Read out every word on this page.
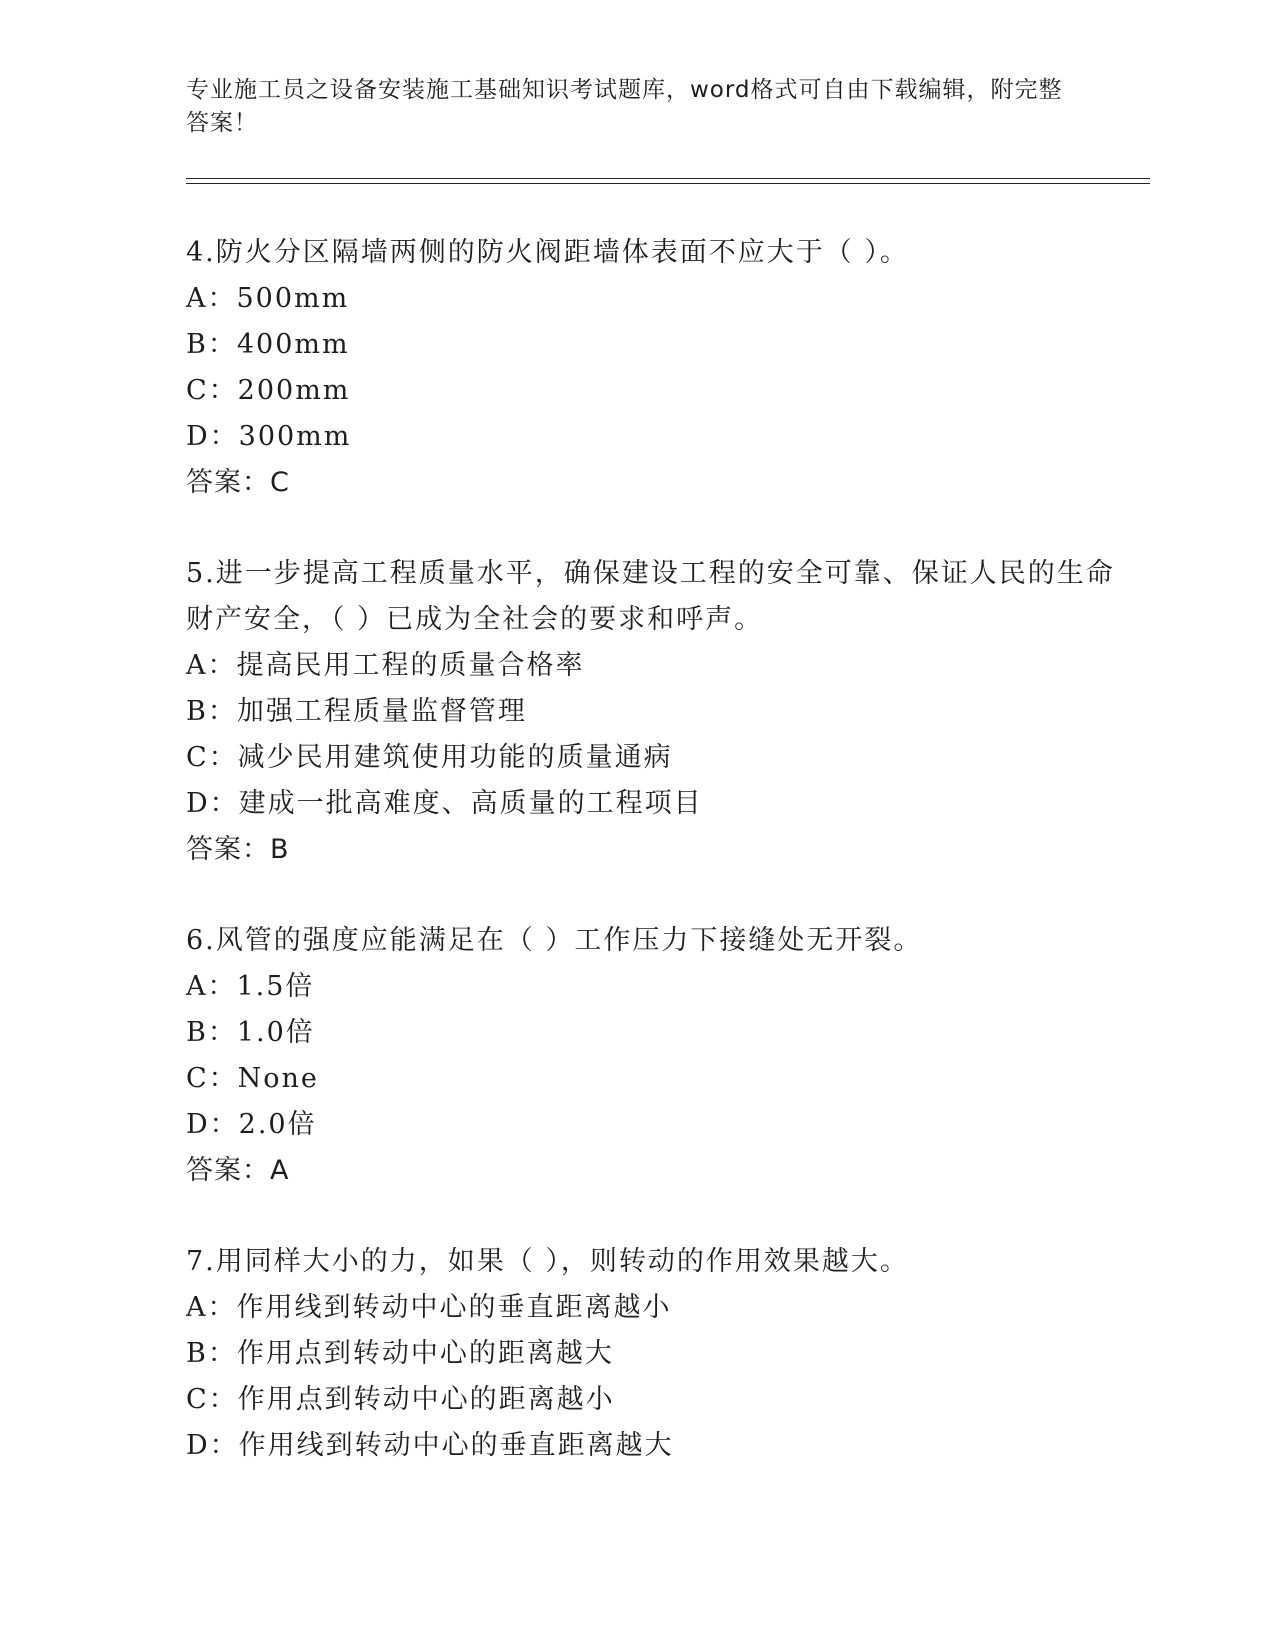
专业施工员之设备安装施工基础知识考试题库，word格式可自由下载编辑，附完整答案！
4.防火分区隔墙两侧的防火阀距墙体表面不应大于（ ）。
A：500mm
B：400mm
C：200mm
D：300mm
答案：C
5.进一步提高工程质量水平，确保建设工程的安全可靠、保证人民的生命财产安全，（ ）已成为全社会的要求和呼声。
A：提高民用工程的质量合格率
B：加强工程质量监督管理
C：减少民用建筑使用功能的质量通病
D：建成一批高难度、高质量的工程项目
答案：B
6.风管的强度应能满足在（ ）工作压力下接缝处无开裂。
A：1.5倍
B：1.0倍
C：None
D：2.0倍
答案：A
7.用同样大小的力，如果（ ），则转动的作用效果越大。
A：作用线到转动中心的垂直距离越小
B：作用点到转动中心的距离越大
C：作用点到转动中心的距离越小
D：作用线到转动中心的垂直距离越大
